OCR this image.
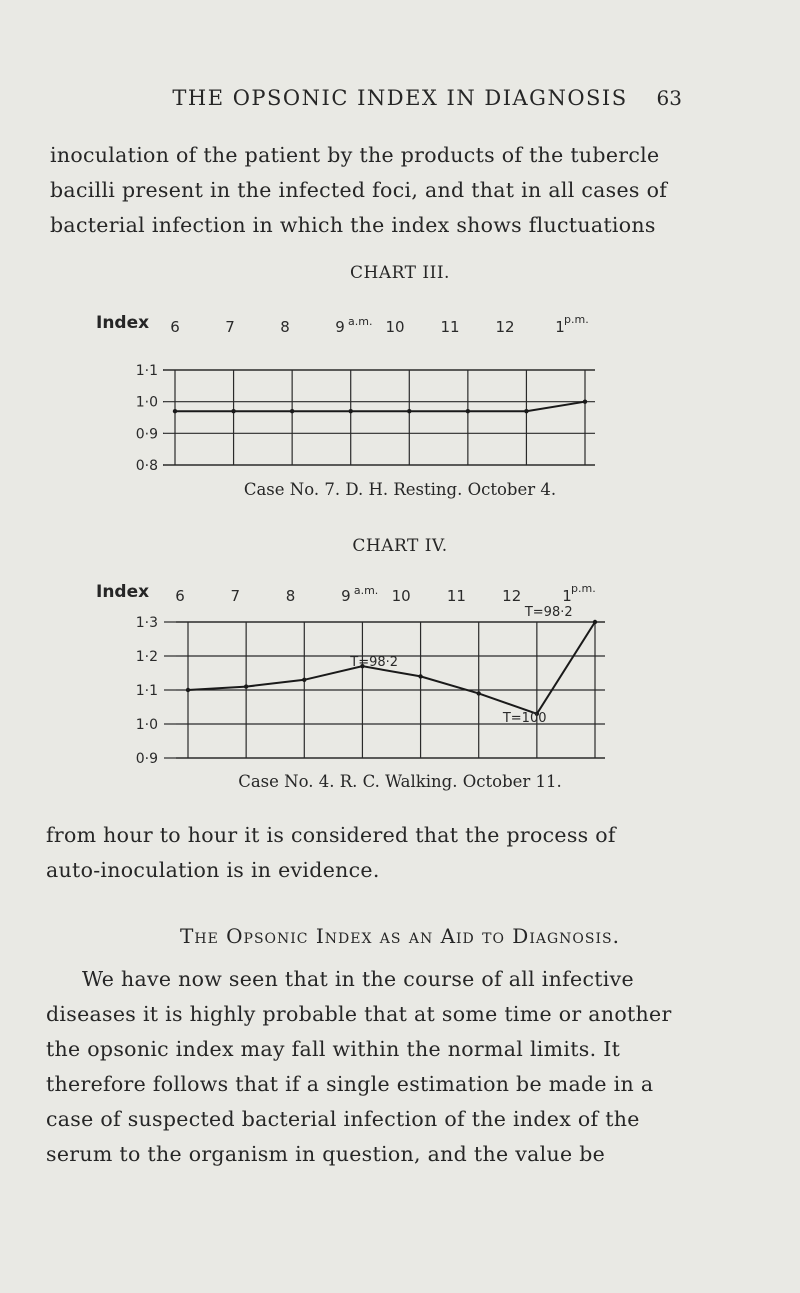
THE OPSONIC INDEX IN DIAGNOSIS	63
inoculation of the patient by the products of the tubercle
bacilli present in the infected foci, and that in all cases of
bacterial infection in which the index shows fluctuations
CHART III.
Index
Case No. 7. D. H. Resting. October 4.
CHART IV.
Index
Case No. 4. R. C. Walking. October 11.
1·1
1·0
0·9
0·8
6	7	8	9 a.m. 10 11 12	1 p.m.
1·3
1·2
1·1
1·0
0·9
6	7	8	9 a.m. 10 11 12	1 p.m.
T=98·2
T=100
T=98·2
from hour to hour it is considered that the process of
auto-inoculation is in evidence.
The Opsonic Index as an Aid to Diagnosis.
We have now seen that in the course of all infective
diseases it is highly probable that at some time or another
the opsonic index may fall within the normal limits. It
therefore follows that if a single estimation be made in a
case of suspected bacterial infection of the index of the
serum to the organism in question, and the value be
